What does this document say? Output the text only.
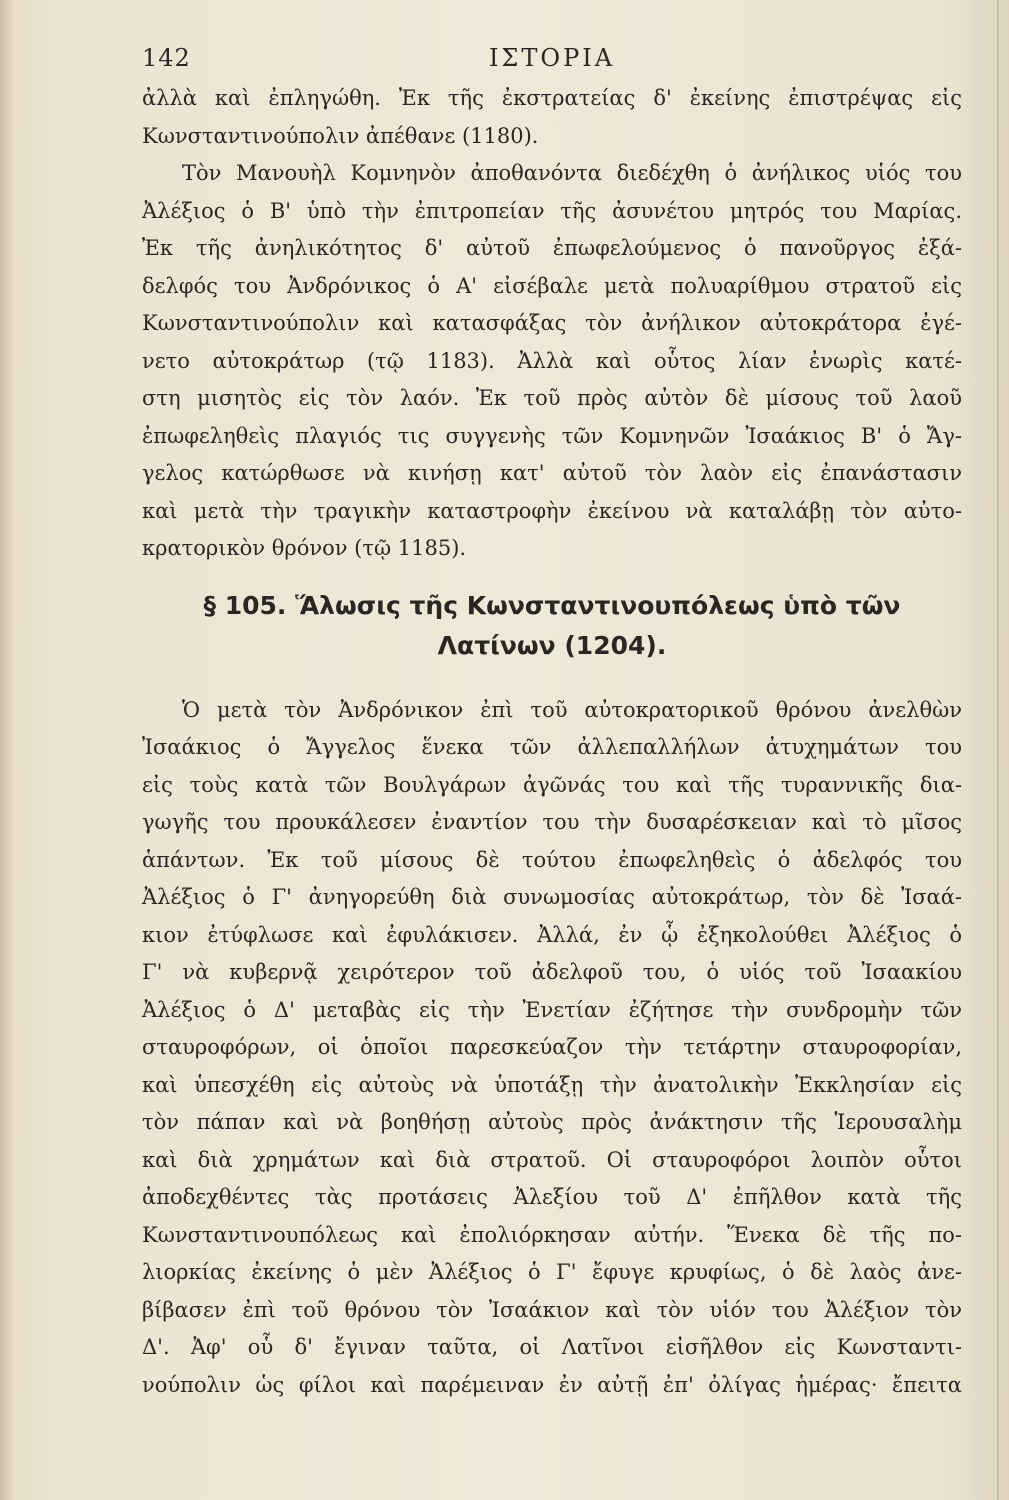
142	ΙΣΤΟΡΙΑ

ἀλλὰ καὶ ἐπληγώθη. Ἐκ τῆς ἐκστρατείας δ' ἐκείνης ἐπιστρέψας εἰς

Κωνσταντινούπολιν ἀπέθανε (1180).

Τὸν Μανουὴλ Κομνηνὸν ἀποθανόντα διεδέχθη ὁ ἀνήλικος υἱός του

Ἀλέξιος ὁ Β' ὑπὸ τὴν ἐπιτροπείαν τῆς ἀσυνέτου μητρός του Μαρίας.

Ἐκ τῆς ἀνηλικότητος δ' αὐτοῦ ἐπωφελούμενος ὁ πανοῦργος ἐξά-

δελφός του Ἀνδρόνικος ὁ Α' εἰσέβαλε μετὰ πολυαρίθμου στρατοῦ εἰς

Κωνσταντινούπολιν καὶ κατασφάξας τὸν ἀνήλικον αὐτοκράτορα ἐγέ-

νετο αὐτοκράτωρ (τῷ 1183). Ἀλλὰ καὶ οὗτος λίαν ἐνωρὶς κατέ-

στη μισητὸς εἰς τὸν λαόν. Ἐκ τοῦ πρὸς αὐτὸν δὲ μίσους τοῦ λαοῦ

ἐπωφεληθεὶς πλαγιός τις συγγενὴς τῶν Κομνηνῶν Ἰσαάκιος Β' ὁ Ἄγ-

γελος κατώρθωσε νὰ κινήσῃ κατ' αὐτοῦ τὸν λαὸν εἰς ἐπανάστασιν

καὶ μετὰ τὴν τραγικὴν καταστροφὴν ἐκείνου νὰ καταλάβῃ τὸν αὐτο-

κρατορικὸν θρόνον (τῷ 1185).

§ 105. Ἅλωσις τῆς Κωνσταντινουπόλεως ὑπὸ τῶν
Λατίνων (1204).

Ὁ μετὰ τὸν Ἀνδρόνικον ἐπὶ τοῦ αὐτοκρατορικοῦ θρόνου ἀνελθὼν

Ἰσαάκιος ὁ Ἄγγελος ἕνεκα τῶν ἀλλεπαλλήλων ἀτυχημάτων του

εἰς τοὺς κατὰ τῶν Βουλγάρων ἀγῶνάς του καὶ τῆς τυραννικῆς δια-

γωγῆς του προυκάλεσεν ἐναντίον του τὴν δυσαρέσκειαν καὶ τὸ μῖσος

ἁπάντων. Ἐκ τοῦ μίσους δὲ τούτου ἐπωφεληθεὶς ὁ ἀδελφός του

Ἀλέξιος ὁ Γ' ἀνηγορεύθη διὰ συνωμοσίας αὐτοκράτωρ, τὸν δὲ Ἰσαά-

κιον ἐτύφλωσε καὶ ἐφυλάκισεν. Ἀλλά, ἐν ᾧ ἐξηκολούθει Ἀλέξιος ὁ

Γ' νὰ κυβερνᾷ χειρότερον τοῦ ἀδελφοῦ του, ὁ υἱός τοῦ Ἰσαακίου

Ἀλέξιος ὁ Δ' μεταβὰς εἰς τὴν Ἐνετίαν ἐζήτησε τὴν συνδρομὴν τῶν

σταυροφόρων, οἱ ὁποῖοι παρεσκεύαζον τὴν τετάρτην σταυροφορίαν,

καὶ ὑπεσχέθη εἰς αὐτοὺς νὰ ὑποτάξῃ τὴν ἀνατολικὴν Ἐκκλησίαν εἰς

τὸν πάπαν καὶ νὰ βοηθήσῃ αὐτοὺς πρὸς ἀνάκτησιν τῆς Ἱερουσαλὴμ

καὶ διὰ χρημάτων καὶ διὰ στρατοῦ. Οἱ σταυροφόροι λοιπὸν οὗτοι

ἀποδεχθέντες τὰς προτάσεις Ἀλεξίου τοῦ Δ' ἐπῆλθον κατὰ τῆς

Κωνσταντινουπόλεως καὶ ἐπολιόρκησαν αὐτήν. Ἕνεκα δὲ τῆς πο-

λιορκίας ἐκείνης ὁ μὲν Ἀλέξιος ὁ Γ' ἔφυγε κρυφίως, ὁ δὲ λαὸς ἀνε-

βίβασεν ἐπὶ τοῦ θρόνου τὸν Ἰσαάκιον καὶ τὸν υἱόν του Ἀλέξιον τὸν

Δ'. Ἀφ' οὗ δ' ἔγιναν ταῦτα, οἱ Λατῖνοι εἰσῆλθον εἰς Κωνσταντι-

νούπολιν ὡς φίλοι καὶ παρέμειναν ἐν αὐτῇ ἐπ' ὀλίγας ἡμέρας· ἔπειτα
